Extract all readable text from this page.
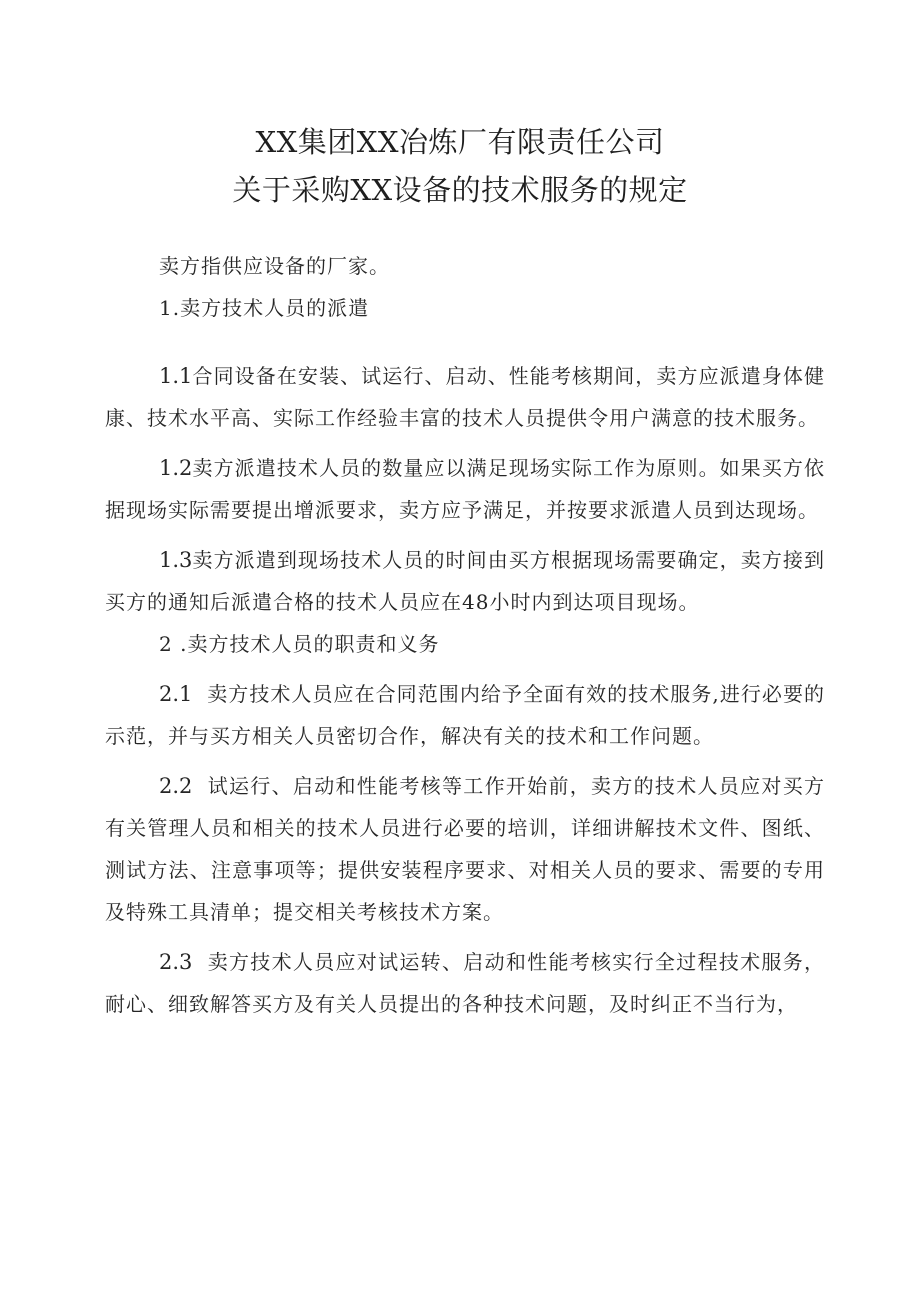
XX集团XX冶炼厂有限责任公司
关于采购XX设备的技术服务的规定

卖方指供应设备的厂家。

1.卖方技术人员的派遣

1.1合同设备在安装、试运行、启动、性能考核期间，卖方应派遣身体健康、技术水平高、实际工作经验丰富的技术人员提供令用户满意的技术服务。

1.2卖方派遣技术人员的数量应以满足现场实际工作为原则。如果买方依据现场实际需要提出增派要求，卖方应予满足，并按要求派遣人员到达现场。

1.3卖方派遣到现场技术人员的时间由买方根据现场需要确定，卖方接到买方的通知后派遣合格的技术人员应在48小时内到达项目现场。

2 .卖方技术人员的职责和义务

2.1 卖方技术人员应在合同范围内给予全面有效的技术服务,进行必要的示范，并与买方相关人员密切合作，解决有关的技术和工作问题。

2.2 试运行、启动和性能考核等工作开始前，卖方的技术人员应对买方有关管理人员和相关的技术人员进行必要的培训，详细讲解技术文件、图纸、测试方法、注意事项等；提供安装程序要求、对相关人员的要求、需要的专用及特殊工具清单；提交相关考核技术方案。

2.3 卖方技术人员应对试运转、启动和性能考核实行全过程技术服务，耐心、细致解答买方及有关人员提出的各种技术问题，及时纠正不当行为，
